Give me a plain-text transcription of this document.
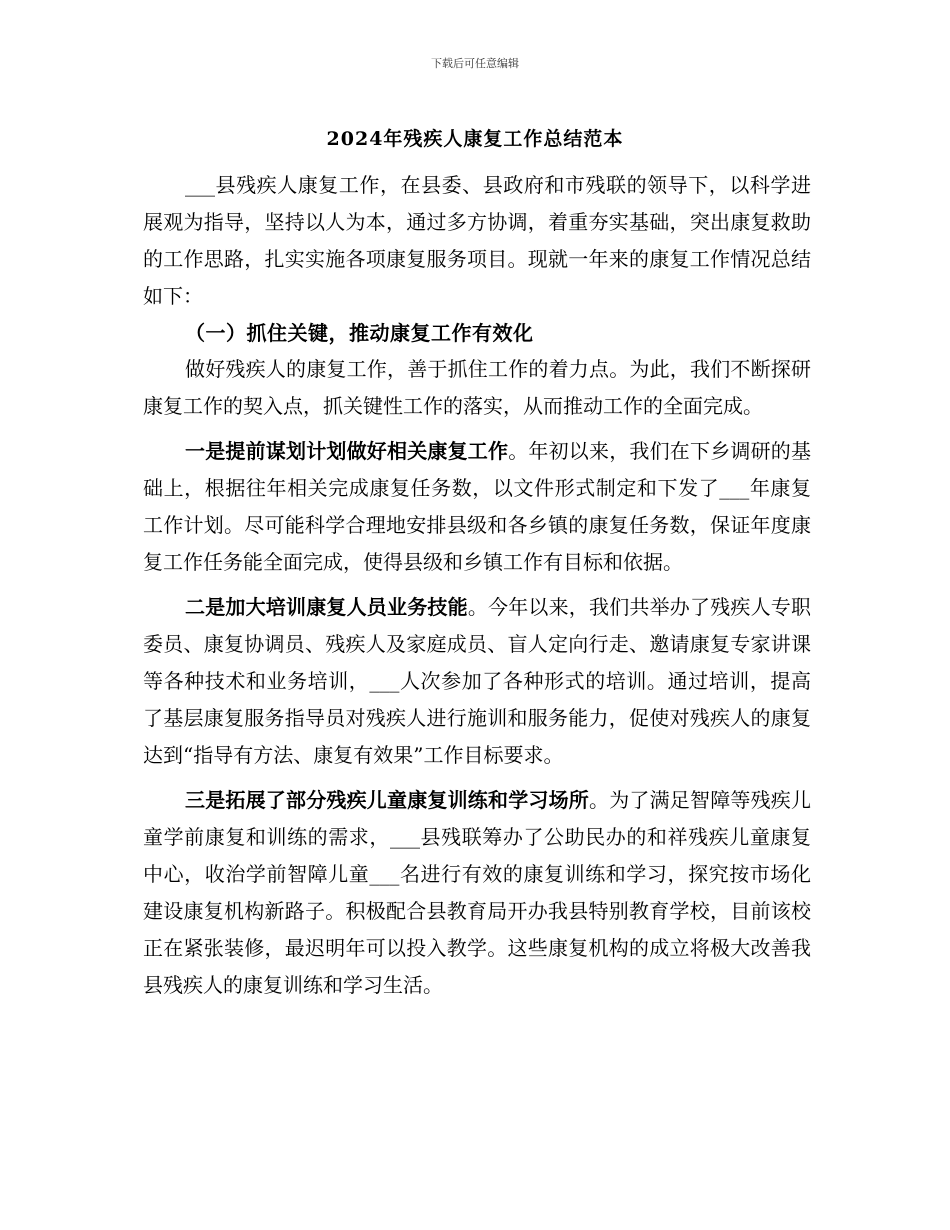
下载后可任意编辑
2024年残疾人康复工作总结范本

___县残疾人康复工作，在县委、县政府和市残联的领导下，以科学进展观为指导，坚持以人为本，通过多方协调，着重夯实基础，突出康复救助的工作思路，扎实实施各项康复服务项目。现就一年来的康复工作情况总结如下：

（一）抓住关键，推动康复工作有效化

做好残疾人的康复工作，善于抓住工作的着力点。为此，我们不断探研康复工作的契入点，抓关键性工作的落实，从而推动工作的全面完成。

一是提前谋划计划做好相关康复工作。年初以来，我们在下乡调研的基础上，根据往年相关完成康复任务数，以文件形式制定和下发了___年康复工作计划。尽可能科学合理地安排县级和各乡镇的康复任务数，保证年度康复工作任务能全面完成，使得县级和乡镇工作有目标和依据。

二是加大培训康复人员业务技能。今年以来，我们共举办了残疾人专职委员、康复协调员、残疾人及家庭成员、盲人定向行走、邀请康复专家讲课等各种技术和业务培训，___人次参加了各种形式的培训。通过培训，提高了基层康复服务指导员对残疾人进行施训和服务能力，促使对残疾人的康复达到“指导有方法、康复有效果”工作目标要求。

三是拓展了部分残疾儿童康复训练和学习场所。为了满足智障等残疾儿童学前康复和训练的需求，___县残联筹办了公助民办的和祥残疾儿童康复中心，收治学前智障儿童___名进行有效的康复训练和学习，探究按市场化建设康复机构新路子。积极配合县教育局开办我县特别教育学校，目前该校正在紧张装修，最迟明年可以投入教学。这些康复机构的成立将极大改善我县残疾人的康复训练和学习生活。
